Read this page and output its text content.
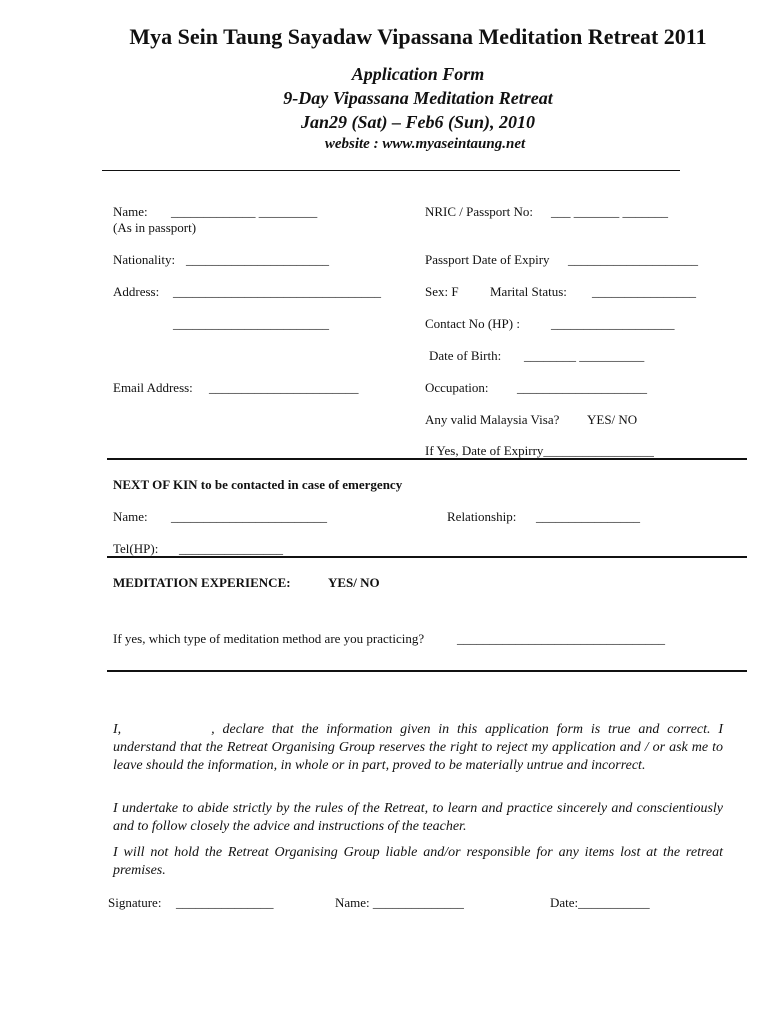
Mya Sein Taung Sayadaw Vipassana Meditation Retreat 2011
Application Form
9-Day Vipassana Meditation Retreat
Jan29 (Sat) – Feb6 (Sun), 2010
website : www.myaseintaung.net
Name: _____________ _________
(As in passport)
NRIC / Passport No: ___ _______ _______
Nationality: ______________________	Passport Date of Expiry ____________________
Address: ________________________________	Sex: F Marital Status: ________________
________________________	Contact No (HP) : ___________________
Date of Birth: ________ __________
Email Address: _______________________	Occupation: ____________________
Any valid Malaysia Visa? YES/ NO
If Yes, Date of Expirry_________________
NEXT OF KIN to be contacted in case of emergency
Name: ________________________	Relationship: ________________
Tel(HP): ________________
MEDITATION EXPERIENCE:	YES/ NO
If yes, which type of meditation method are you practicing?	________________________________
I,	, declare that the information given in this application form is true and correct. I understand that the Retreat Organising Group reserves the right to reject my application and / or ask me to leave should the information, in whole or in part, proved to be materially untrue and incorrect.
I undertake to abide strictly by the rules of the Retreat, to learn and practice sincerely and conscientiously and to follow closely the advice and instructions of the teacher.
I will not hold the Retreat Organising Group liable and/or responsible for any items lost at the retreat premises.
Signature: _______________	Name: ______________	Date:___________
